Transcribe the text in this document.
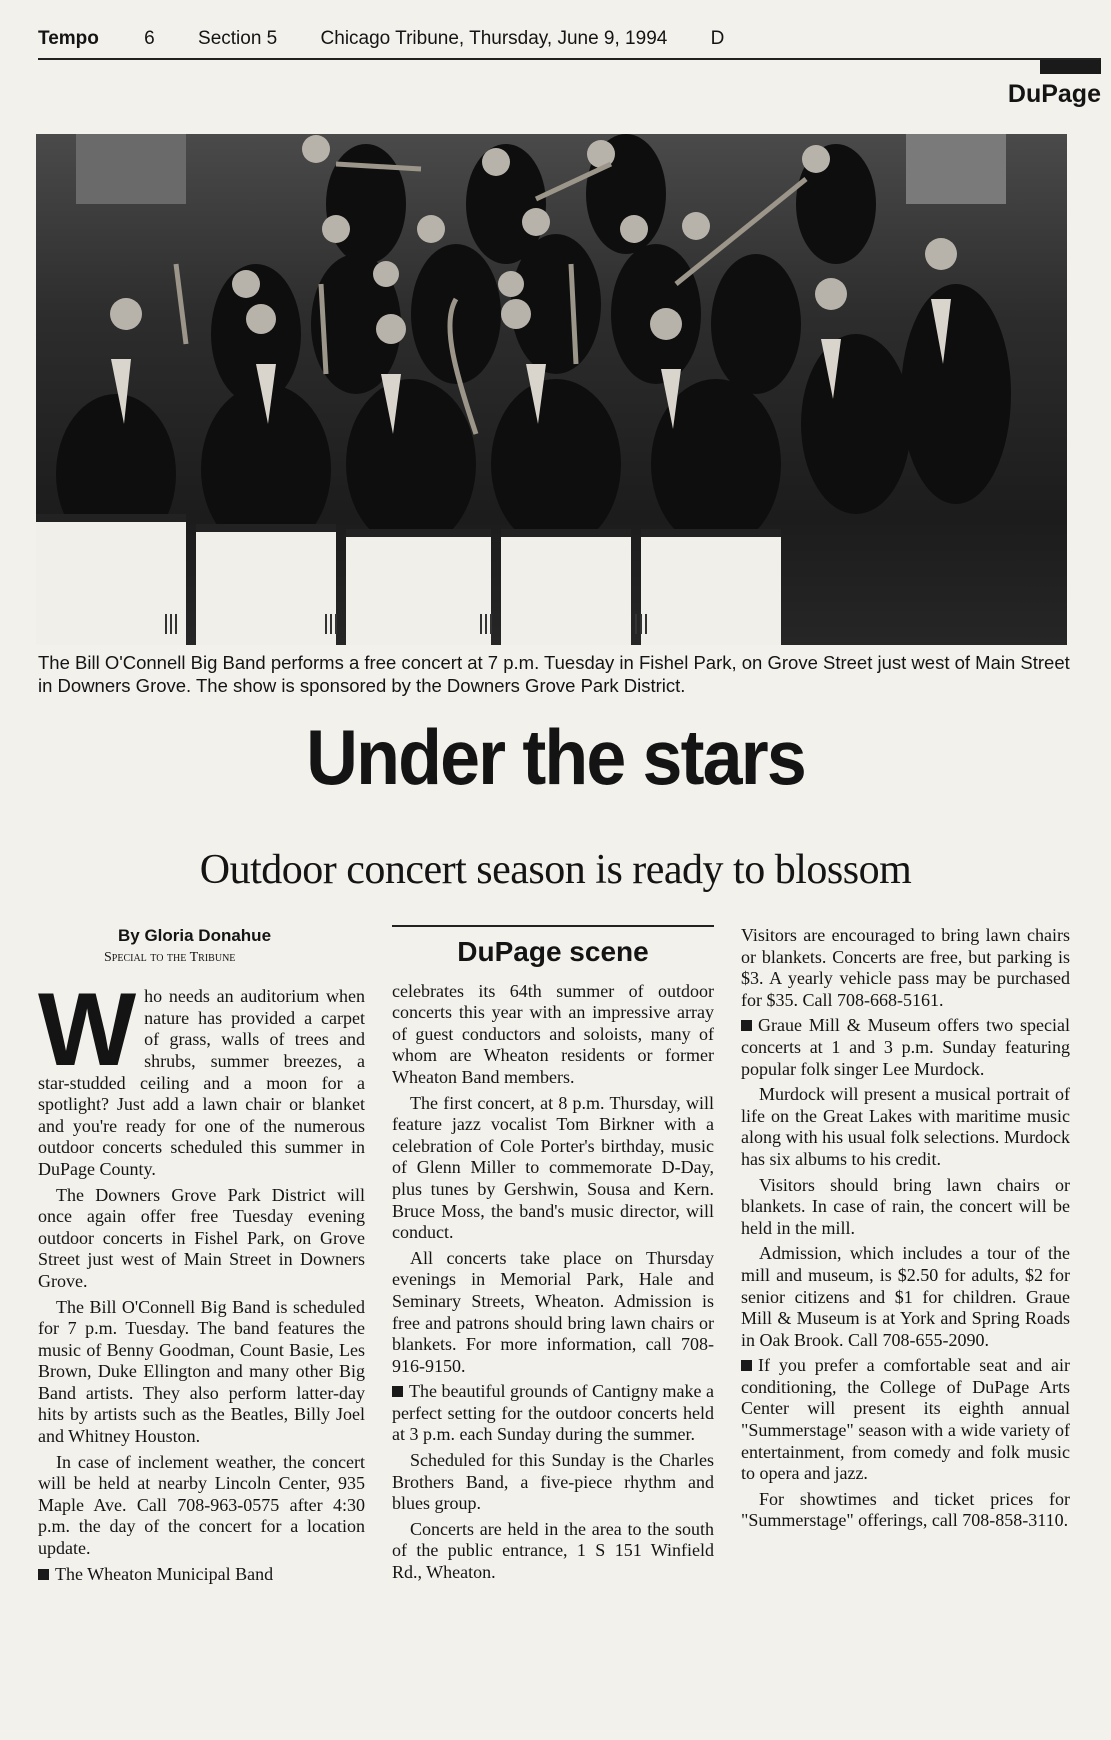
Tempo 6 Section 5 Chicago Tribune, Thursday, June 9, 1994 D
DuPage
The Bill O'Connell Big Band performs a free concert at 7 p.m. Tuesday in Fishel Park, on Grove Street just west of Main Street in Downers Grove. The show is sponsored by the Downers Grove Park District.
Under the stars
Outdoor concert season is ready to blossom
By Gloria Donahue
Special to the Tribune

Who needs an auditorium when nature has provided a carpet of grass, walls of trees and shrubs, summer breezes, a star-studded ceiling and a moon for a spotlight? Just add a lawn chair or blanket and you're ready for one of the numerous outdoor concerts scheduled this summer in DuPage County.

The Downers Grove Park District will once again offer free Tuesday evening outdoor concerts in Fishel Park, on Grove Street just west of Main Street in Downers Grove.

The Bill O'Connell Big Band is scheduled for 7 p.m. Tuesday. The band features the music of Benny Goodman, Count Basie, Les Brown, Duke Ellington and many other Big Band artists. They also perform latter-day hits by artists such as the Beatles, Billy Joel and Whitney Houston.

In case of inclement weather, the concert will be held at nearby Lincoln Center, 935 Maple Ave. Call 708-963-0575 after 4:30 p.m. the day of the concert for a location update.

The Wheaton Municipal Band

DuPage scene

celebrates its 64th summer of outdoor concerts this year with an impressive array of guest conductors and soloists, many of whom are Wheaton residents or former Wheaton Band members.

The first concert, at 8 p.m. Thursday, will feature jazz vocalist Tom Birkner with a celebration of Cole Porter's birthday, music of Glenn Miller to commemorate D-Day, plus tunes by Gershwin, Sousa and Kern. Bruce Moss, the band's music director, will conduct.

All concerts take place on Thursday evenings in Memorial Park, Hale and Seminary Streets, Wheaton. Admission is free and patrons should bring lawn chairs or blankets. For more information, call 708-916-9150.

The beautiful grounds of Cantigny make a perfect setting for the outdoor concerts held at 3 p.m. each Sunday during the summer.

Scheduled for this Sunday is the Charles Brothers Band, a five-piece rhythm and blues group.

Concerts are held in the area to the south of the public entrance, 1 S 151 Winfield Rd., Wheaton.

Visitors are encouraged to bring lawn chairs or blankets. Concerts are free, but parking is $3. A yearly vehicle pass may be purchased for $35. Call 708-668-5161.

Graue Mill & Museum offers two special concerts at 1 and 3 p.m. Sunday featuring popular folk singer Lee Murdock.

Murdock will present a musical portrait of life on the Great Lakes with maritime music along with his usual folk selections. Murdock has six albums to his credit.

Visitors should bring lawn chairs or blankets. In case of rain, the concert will be held in the mill.

Admission, which includes a tour of the mill and museum, is $2.50 for adults, $2 for senior citizens and $1 for children. Graue Mill & Museum is at York and Spring Roads in Oak Brook. Call 708-655-2090.

If you prefer a comfortable seat and air conditioning, the College of DuPage Arts Center will present its eighth annual "Summerstage" season with a wide variety of entertainment, from comedy and folk music to opera and jazz.

For showtimes and ticket prices for "Summerstage" offerings, call 708-858-3110.
